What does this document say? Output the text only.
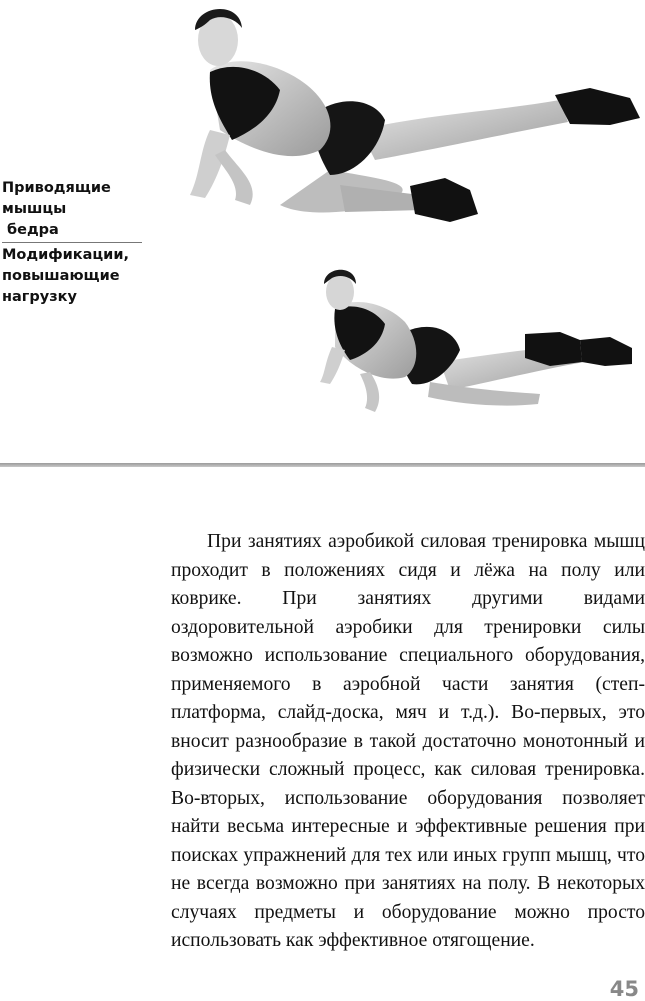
Приводящие
мышцы
бедра
Модификации,
повышающие
нагрузку

При занятиях аэробикой силовая тренировка мышц проходит в положениях сидя и лёжа на полу или коврике. При занятиях другими видами оздоровительной аэробики для тренировки силы возможно использование специального оборудования, применяемого в аэробной части занятия (степ-платформа, слайд-доска, мяч и т.д.). Во-первых, это вносит разнообразие в такой достаточно монотонный и физически сложный процесс, как силовая тренировка. Во-вторых, использование оборудования позволяет найти весьма интересные и эффективные решения при поисках упражнений для тех или иных групп мышц, что не всегда возможно при занятиях на полу. В некоторых случаях предметы и оборудование можно просто использовать как эффективное отягощение.

45
